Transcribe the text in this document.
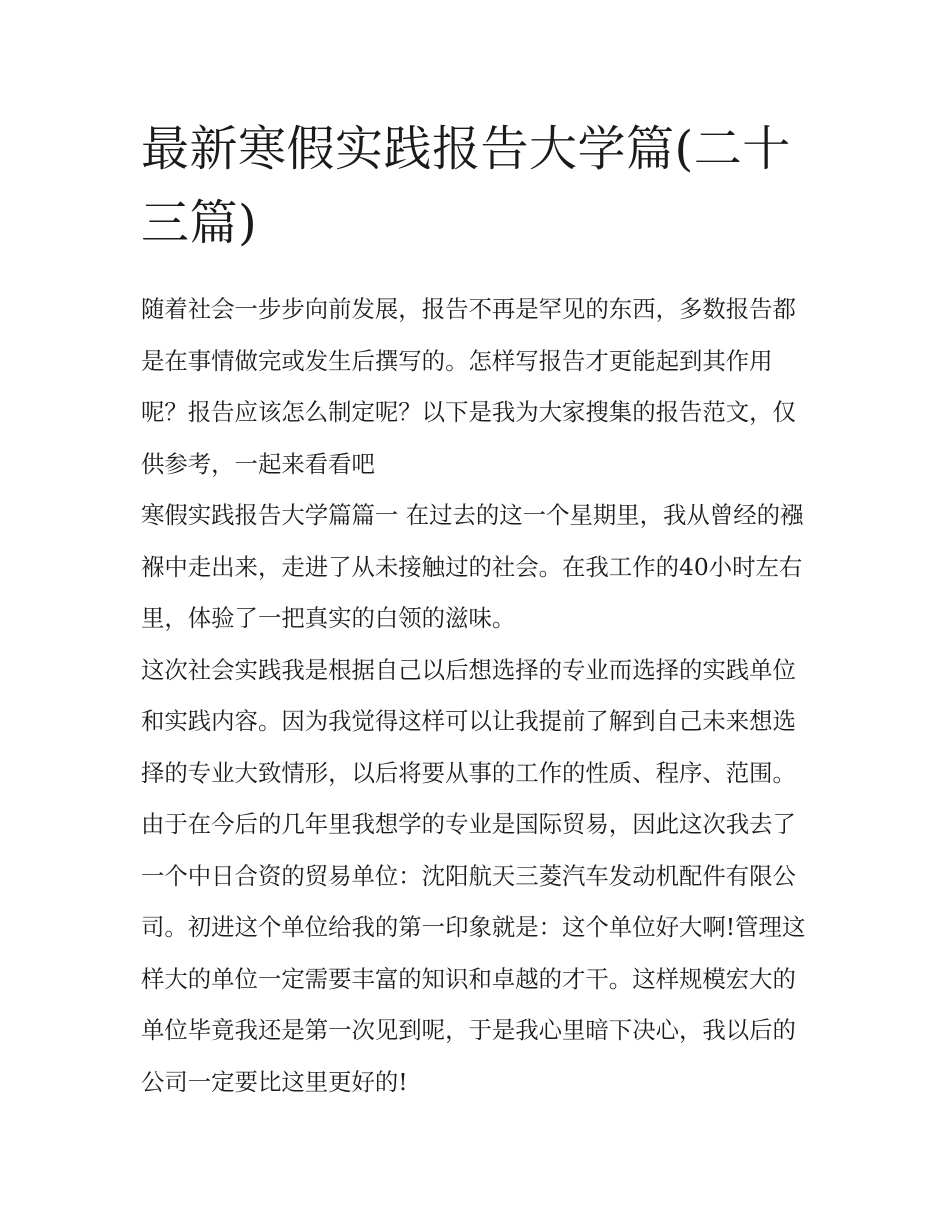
最新寒假实践报告大学篇(二十三篇)

随着社会一步步向前发展，报告不再是罕见的东西，多数报告都是在事情做完或发生后撰写的。怎样写报告才更能起到其作用呢？报告应该怎么制定呢？以下是我为大家搜集的报告范文，仅供参考，一起来看看吧

寒假实践报告大学篇篇一 在过去的这一个星期里，我从曾经的襁褓中走出来，走进了从未接触过的社会。在我工作的40小时左右里，体验了一把真实的白领的滋味。

这次社会实践我是根据自己以后想选择的专业而选择的实践单位和实践内容。因为我觉得这样可以让我提前了解到自己未来想选择的专业大致情形，以后将要从事的工作的性质、程序、范围。由于在今后的几年里我想学的专业是国际贸易，因此这次我去了一个中日合资的贸易单位：沈阳航天三菱汽车发动机配件有限公司。初进这个单位给我的第一印象就是：这个单位好大啊!管理这样大的单位一定需要丰富的知识和卓越的才干。这样规模宏大的单位毕竟我还是第一次见到呢，于是我心里暗下决心，我以后的公司一定要比这里更好的!
